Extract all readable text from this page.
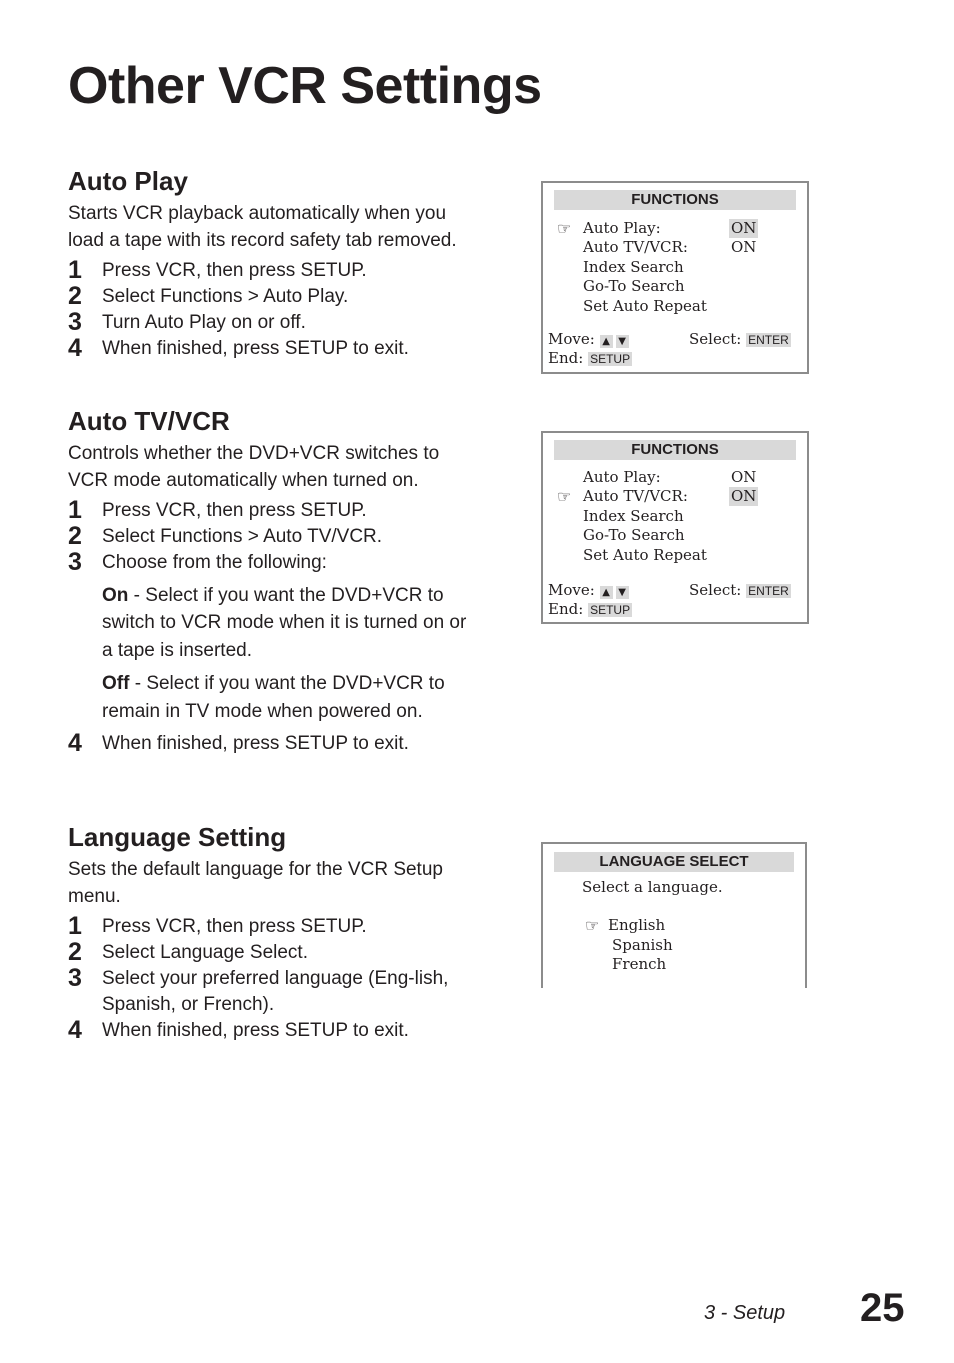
Other VCR Settings
Auto Play

Starts VCR playback automatically when you load a tape with its record safety tab removed.

1 Press VCR, then press SETUP.
2 Select Functions > Auto Play.
3 Turn Auto Play on or off.
4 When finished, press SETUP to exit.
Auto TV/VCR

Controls whether the DVD+VCR switches to VCR mode automatically when turned on.

1 Press VCR, then press SETUP.
2 Select Functions > Auto TV/VCR.
3 Choose from the following:

On - Select if you want the DVD+VCR to switch to VCR mode when it is turned on or a tape is inserted.

Off - Select if you want the DVD+VCR to remain in TV mode when powered on.

4 When finished, press SETUP to exit.
Language Setting

Sets the default language for the VCR Setup menu.

1 Press VCR, then press SETUP.
2 Select Language Select.
3 Select your preferred language (Eng-lish, Spanish, or French).
4 When finished, press SETUP to exit.
FUNCTIONS
☞ Auto Play:	ON
Auto TV/VCR:	ON
Index Search
Go-To Search
Set Auto Repeat
Move: ▲ ▼	Select: ENTER
End: SETUP
FUNCTIONS
Auto Play:	ON
☞ Auto TV/VCR:	ON
Index Search
Go-To Search
Set Auto Repeat
Move: ▲ ▼	Select: ENTER
End: SETUP
LANGUAGE SELECT
Select a language.
☞ English
Spanish
French
3 - Setup 25
